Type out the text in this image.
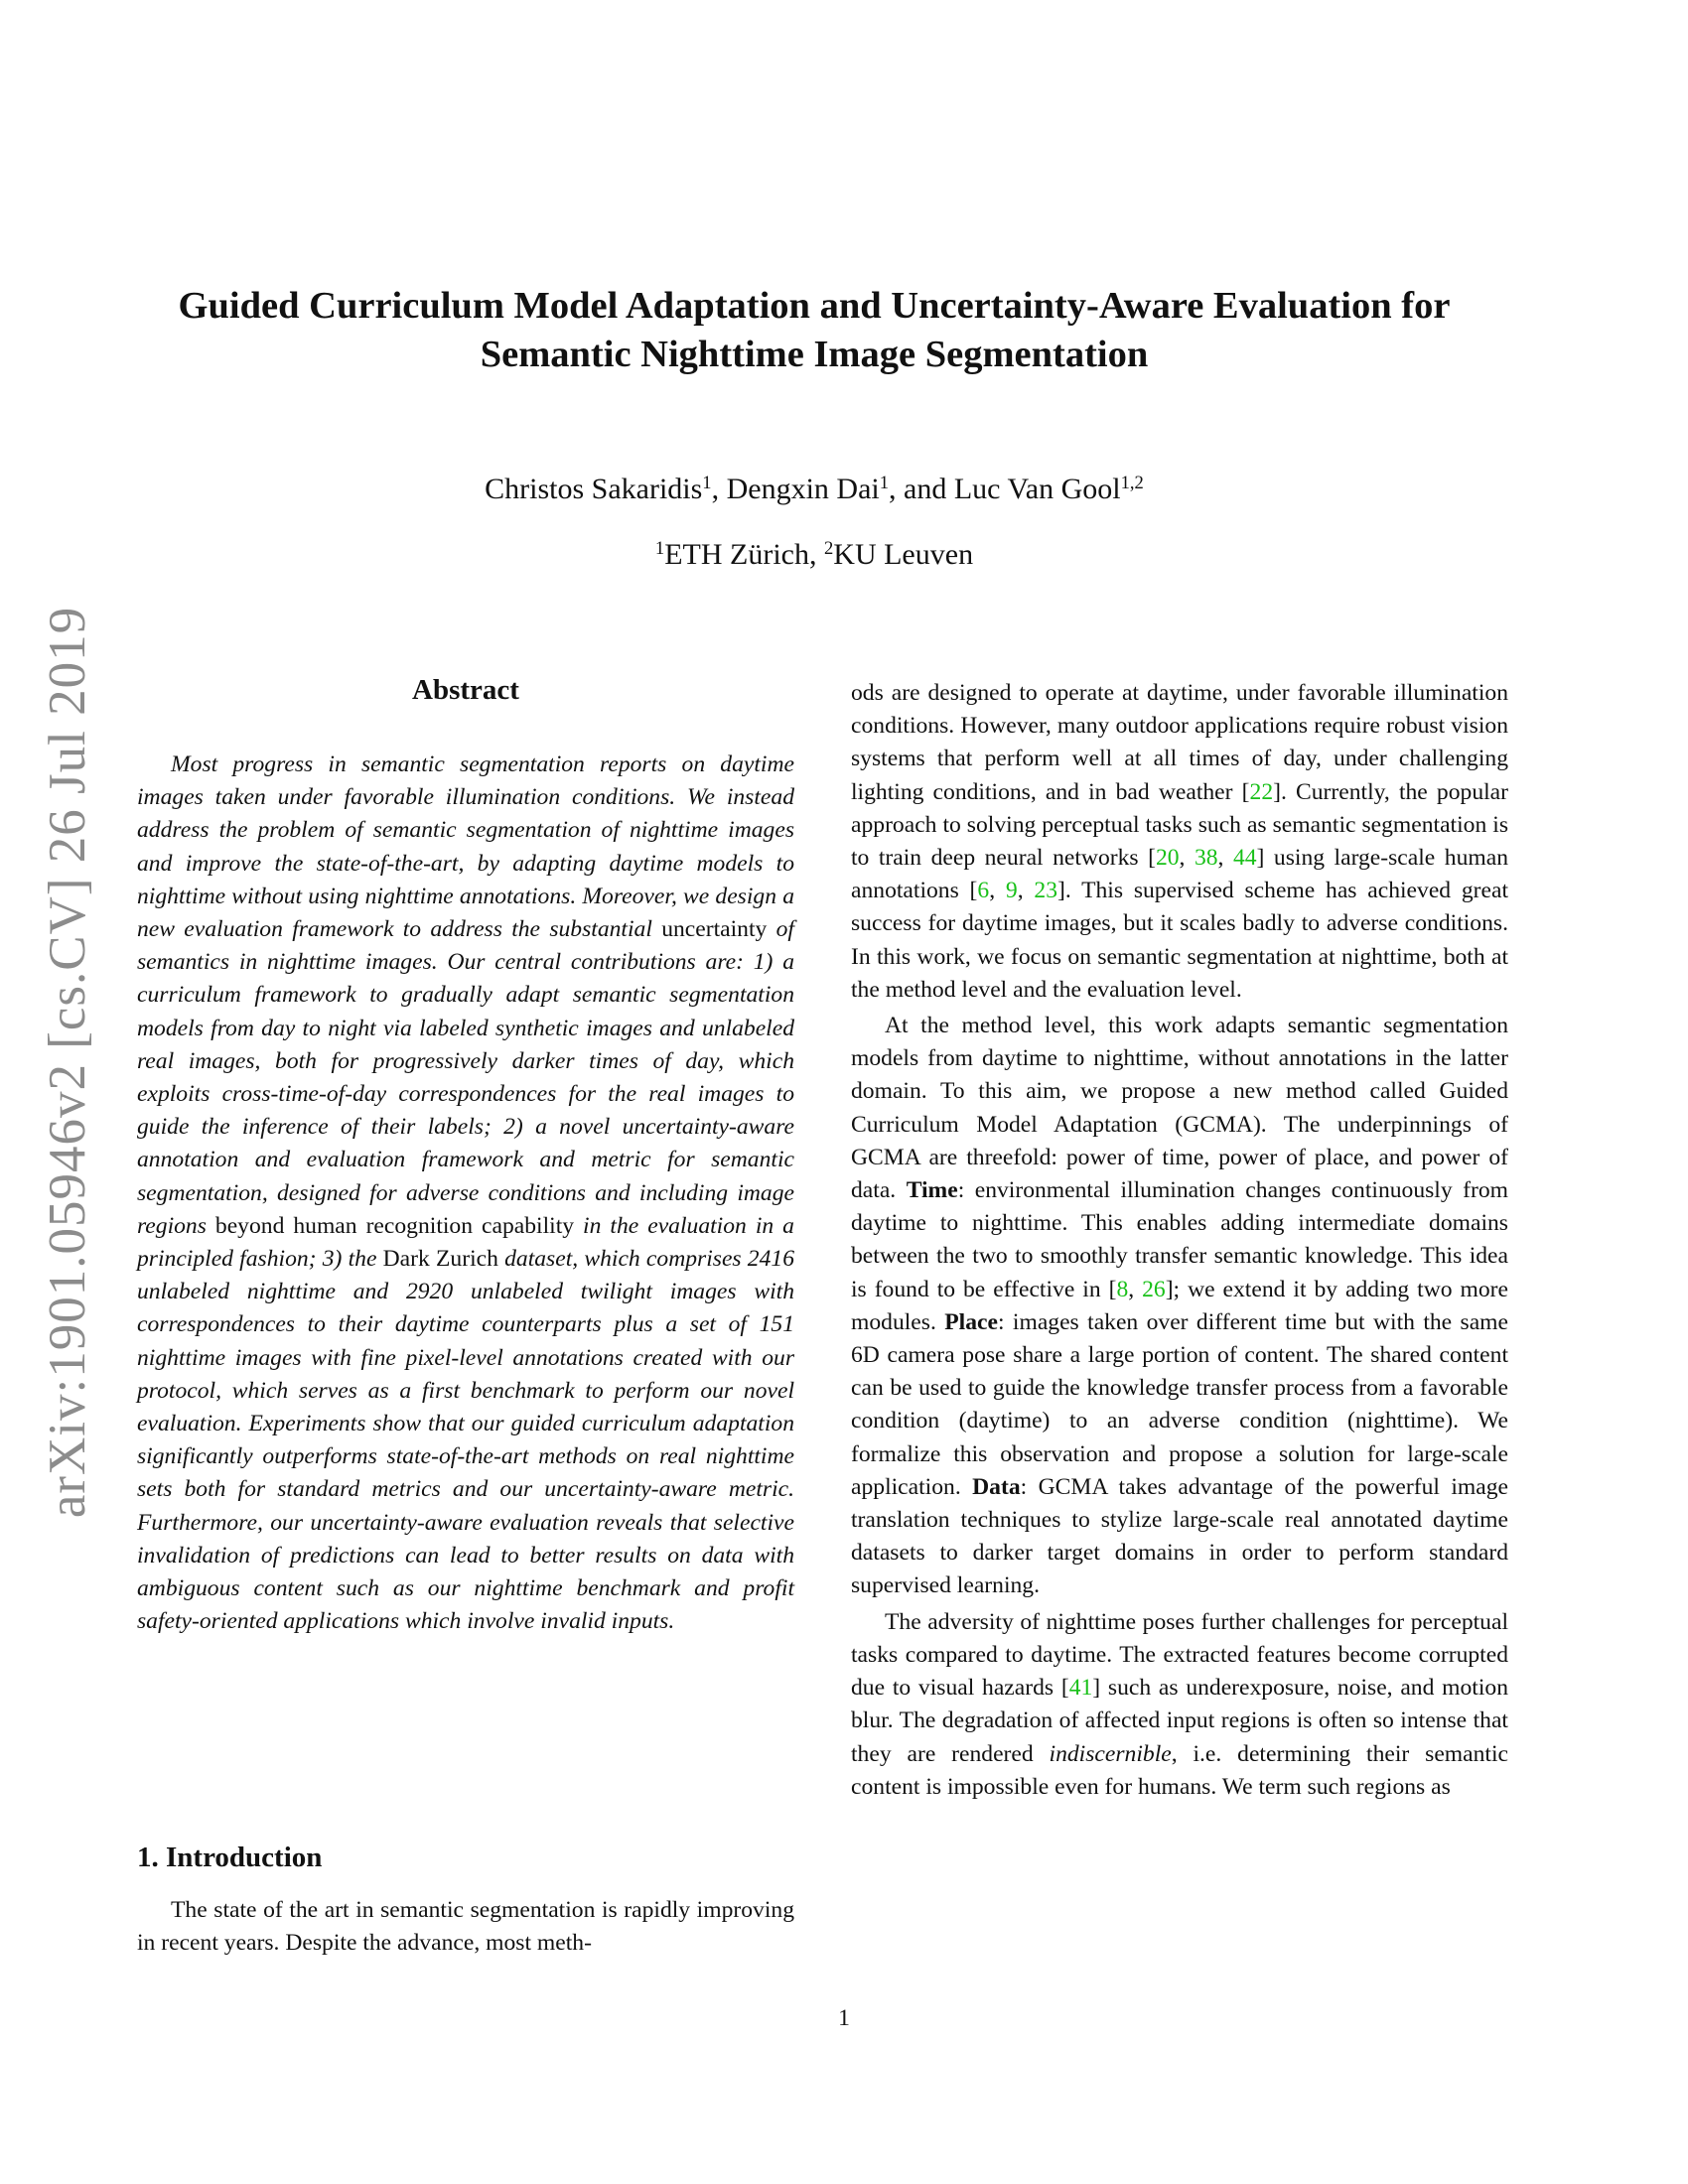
arXiv:1901.05946v2 [cs.CV] 26 Jul 2019
Guided Curriculum Model Adaptation and Uncertainty-Aware Evaluation for
Semantic Nighttime Image Segmentation
Christos Sakaridis$^1$, Dengxin Dai$^1$, and Luc Van Gool$^{1,2}$
$^1$ETH Zürich, $^2$KU Leuven
Abstract
Most progress in semantic segmentation reports on daytime images taken under favorable illumination conditions. We instead address the problem of semantic segmentation of nighttime images and improve the state-of-the-art, by adapting daytime models to nighttime without using nighttime annotations. Moreover, we design a new evaluation framework to address the substantial uncertainty of semantics in nighttime images. Our central contributions are: 1) a curriculum framework to gradually adapt semantic segmentation models from day to night via labeled synthetic images and unlabeled real images, both for progressively darker times of day, which exploits cross-time-of-day correspondences for the real images to guide the inference of their labels; 2) a novel uncertainty-aware annotation and evaluation framework and metric for semantic segmentation, designed for adverse conditions and including image regions beyond human recognition capability in the evaluation in a principled fashion; 3) the Dark Zurich dataset, which comprises 2416 unlabeled nighttime and 2920 unlabeled twilight images with correspondences to their daytime counterparts plus a set of 151 nighttime images with fine pixel-level annotations created with our protocol, which serves as a first benchmark to perform our novel evaluation. Experiments show that our guided curriculum adaptation significantly outperforms state-of-the-art methods on real nighttime sets both for standard metrics and our uncertainty-aware metric. Furthermore, our uncertainty-aware evaluation reveals that selective invalidation of predictions can lead to better results on data with ambiguous content such as our nighttime benchmark and profit safety-oriented applications which involve invalid inputs.
1. Introduction
The state of the art in semantic segmentation is rapidly improving in recent years. Despite the advance, most meth-

ods are designed to operate at daytime, under favorable illumination conditions. However, many outdoor applications require robust vision systems that perform well at all times of day, under challenging lighting conditions, and in bad weather [22]. Currently, the popular approach to solving perceptual tasks such as semantic segmentation is to train deep neural networks [20, 38, 44] using large-scale human annotations [6, 9, 23]. This supervised scheme has achieved great success for daytime images, but it scales badly to adverse conditions. In this work, we focus on semantic segmentation at nighttime, both at the method level and the evaluation level.

At the method level, this work adapts semantic segmentation models from daytime to nighttime, without annotations in the latter domain. To this aim, we propose a new method called Guided Curriculum Model Adaptation (GCMA). The underpinnings of GCMA are threefold: power of time, power of place, and power of data. Time: environmental illumination changes continuously from daytime to nighttime. This enables adding intermediate domains between the two to smoothly transfer semantic knowledge. This idea is found to be effective in [8, 26]; we extend it by adding two more modules. Place: images taken over different time but with the same 6D camera pose share a large portion of content. The shared content can be used to guide the knowledge transfer process from a favorable condition (daytime) to an adverse condition (nighttime). We formalize this observation and propose a solution for large-scale application. Data: GCMA takes advantage of the powerful image translation techniques to stylize large-scale real annotated daytime datasets to darker target domains in order to perform standard supervised learning.

The adversity of nighttime poses further challenges for perceptual tasks compared to daytime. The extracted features become corrupted due to visual hazards [41] such as underexposure, noise, and motion blur. The degradation of affected input regions is often so intense that they are rendered indiscernible, i.e. determining their semantic content is impossible even for humans. We term such regions as

1
